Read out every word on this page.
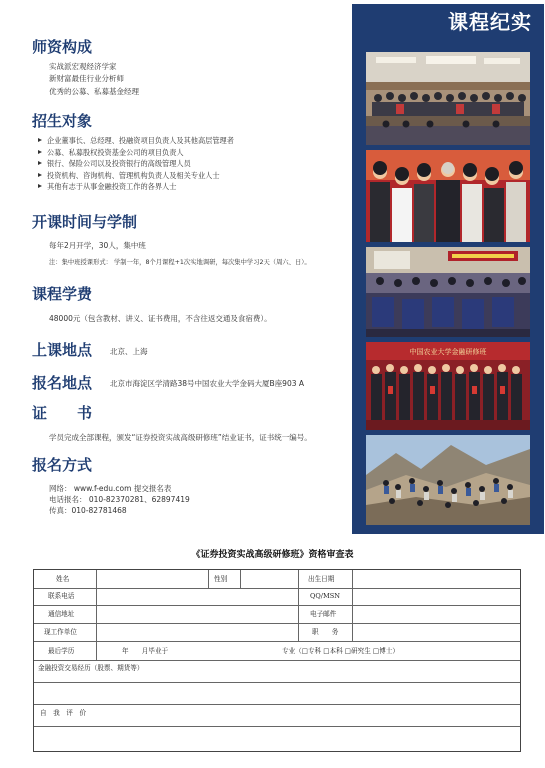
师资构成
实战派宏观经济学家
新财富最佳行业分析师
优秀的公募、私募基金经理
招生对象
企业董事长、总经理、投融资项目负责人及其他高层管理者
公募、私募股权投资基金公司的项目负责人
银行、保险公司以及投资银行的高级管理人员
投资机构、咨询机构、管理机构负责人及相关专业人士
其他有志于从事金融投资工作的各界人士
开课时间与学制
每年2月开学，30人，集中班
注：集中班授课形式： 学制一年，8个月课程+1次实地调研，每次集中学习2天（周六、日）。
课程学费
48000元（包含教材、讲义、证书费用，不含往返交通及食宿费）。
上课地点 北京、上海
报名地点 北京市海淀区学清路38号中国农业大学金码大厦B座903 A
证　　书
学员完成全部课程，颁发“证券投资实战高级研修班”结业证书，证书统一编号。
报名方式
网络： www.f-edu.com 提交报名表
电话报名： 010-82370281、62897419
传真：010-82781468
课程纪实
中国农业大学金融研修班
《证券投资实战高级研修班》资格审查表
姓名	性别	出生日期
联系电话	QQ/MSN
通信地址	电子邮件
现工作单位	职　　务
最后学历	年　　月毕业于	专业（□专科 □本科 □研究生 □博士）
金融投资交易经历（股票、期货等）
自　我　评　价
